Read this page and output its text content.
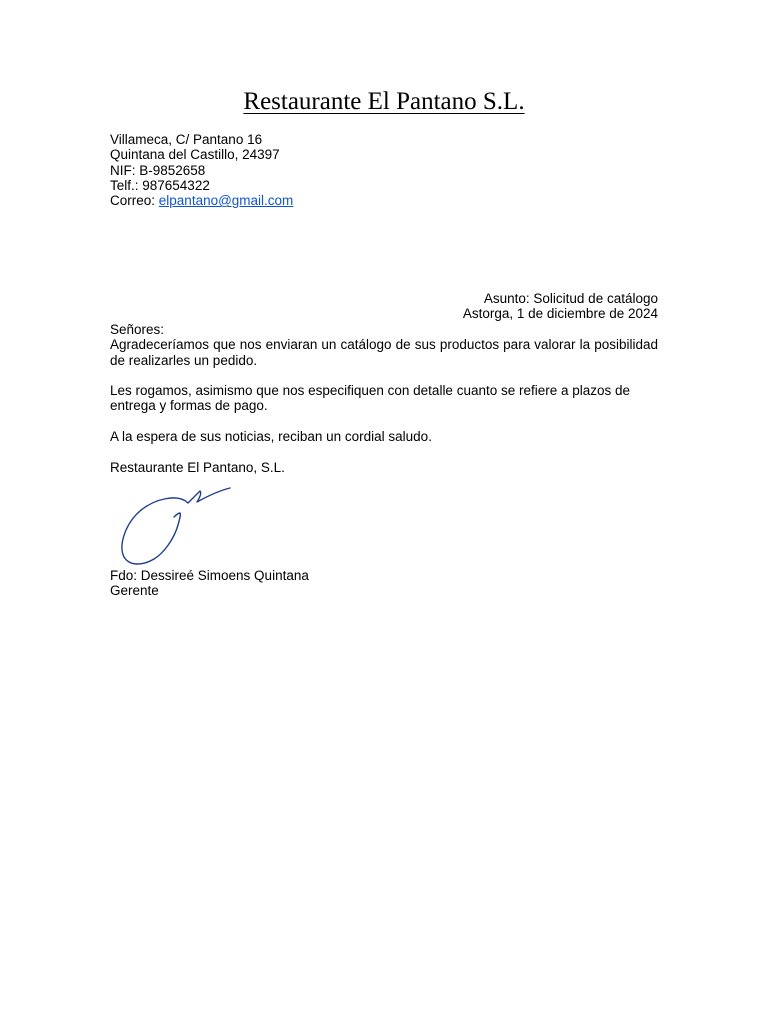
Restaurante El Pantano S.L.
Villameca, C/ Pantano 16
Quintana del Castillo, 24397
NIF: B-9852658
Telf.: 987654322
Correo: elpantano@gmail.com
Asunto: Solicitud de catálogo
Astorga, 1 de diciembre de 2024

Señores:

Agradeceríamos que nos enviaran un catálogo de sus productos para valorar la posibilidad de realizarles un pedido.

Les rogamos, asimismo que nos especifiquen con detalle cuanto se refiere a plazos de entrega y formas de pago.

A la espera de sus noticias, reciban un cordial saludo.

Restaurante El Pantano, S.L.

Fdo: Dessireé Simoens Quintana
Gerente
